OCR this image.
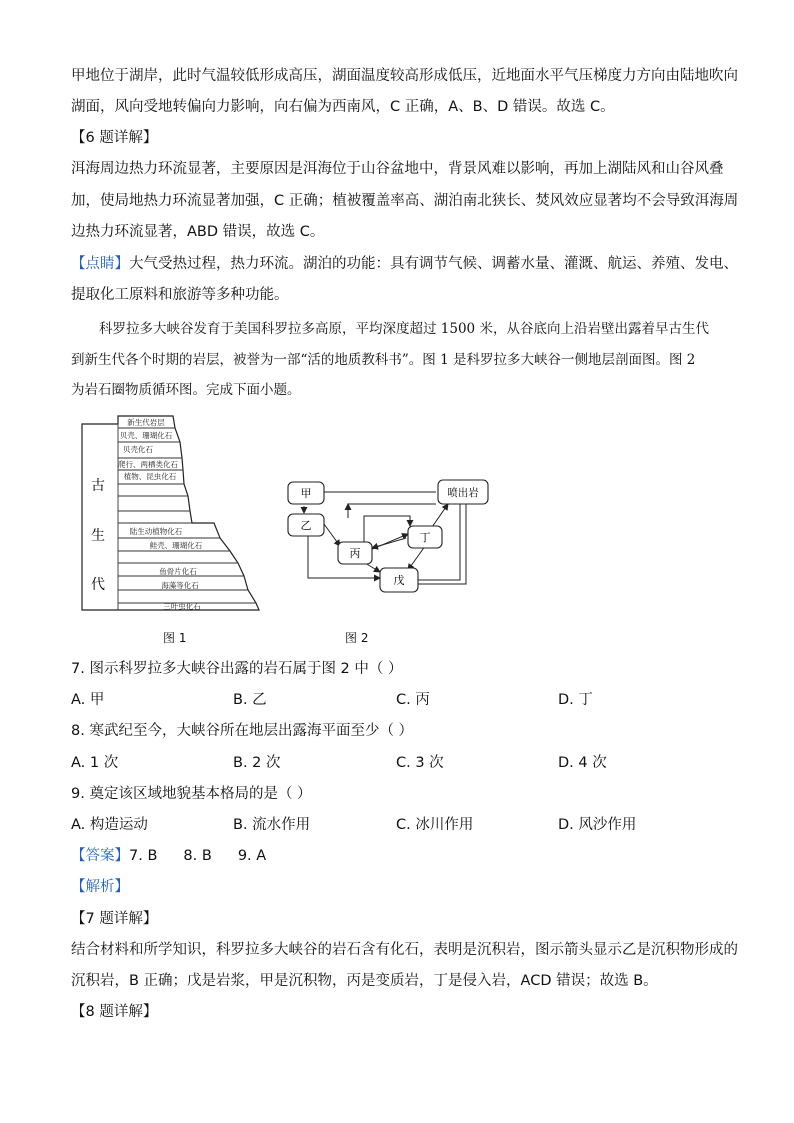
甲地位于湖岸，此时气温较低形成高压，湖面温度较高形成低压，近地面水平气压梯度力方向由陆地吹向
湖面，风向受地转偏向力影响，向右偏为西南风，C 正确，A、B、D 错误。故选 C。
【6 题详解】
洱海周边热力环流显著，主要原因是洱海位于山谷盆地中，背景风难以影响，再加上湖陆风和山谷风叠
加，使局地热力环流显著加强，C 正确；植被覆盖率高、湖泊南北狭长、焚风效应显著均不会导致洱海周
边热力环流显著，ABD 错误，故选 C。
【点睛】大气受热过程，热力环流。湖泊的功能：具有调节气候、调蓄水量、灌溉、航运、养殖、发电、
提取化工原料和旅游等多种功能。
科罗拉多大峡谷发育于美国科罗拉多高原，平均深度超过 1500 米，从谷底向上沿岩壁出露着早古生代
到新生代各个时期的岩层，被誉为一部“活的地质教科书”。图 1 是科罗拉多大峡谷一侧地层剖面图。图 2
为岩石圈物质循环图。完成下面小题。
古
生
代
新生代岩层
贝壳、珊瑚化石
贝壳化石
爬行、两栖类化石
植物、昆虫化石
陆生动植物化石
鲑壳、珊瑚化石
鱼骨片化石
海藻等化石
三叶虫化石
图 1
甲
乙
丙
丁
戊
喷出岩
图 2
7. 图示科罗拉多大峡谷出露的岩石属于图 2 中（ ）
A. 甲	B. 乙	C. 丙	D. 丁
8. 寒武纪至今，大峡谷所在地层出露海平面至少（ ）
A. 1 次	B. 2 次	C. 3 次	D. 4 次
9. 奠定该区域地貌基本格局的是（ ）
A. 构造运动	B. 流水作用	C. 冰川作用	D. 风沙作用
【答案】7. B 8. B 9. A
【解析】
【7 题详解】
结合材料和所学知识，科罗拉多大峡谷的岩石含有化石，表明是沉积岩，图示箭头显示乙是沉积物形成的
沉积岩，B 正确；戊是岩浆，甲是沉积物，丙是变质岩，丁是侵入岩，ACD 错误；故选 B。
【8 题详解】
